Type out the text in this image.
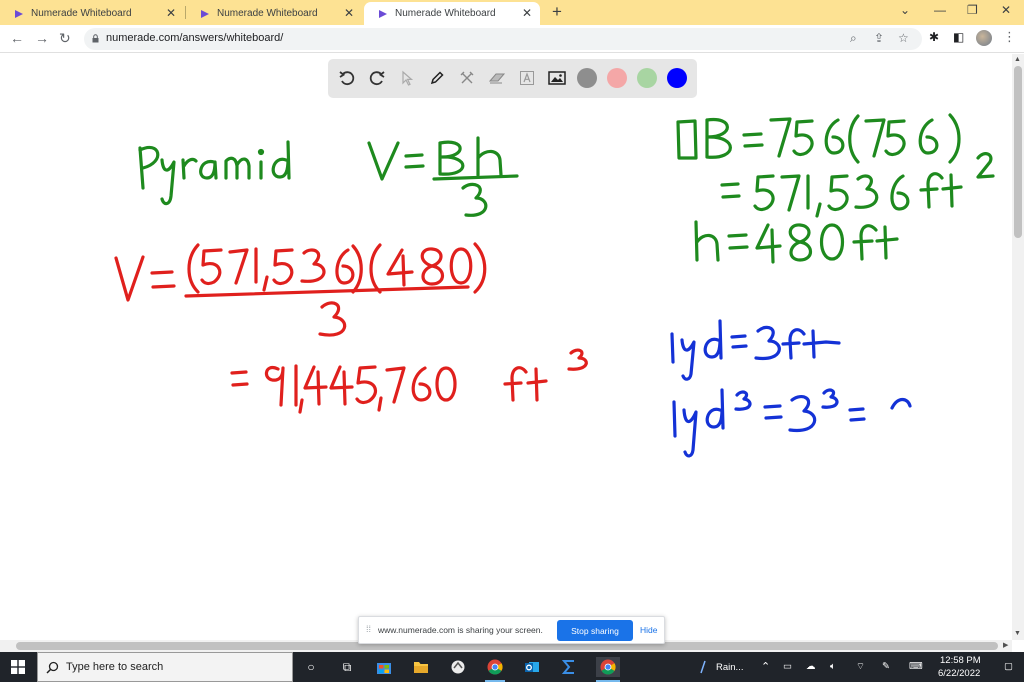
Numerade Whiteboard	✕	Numerade Whiteboard ✕	Numerade Whiteboard ✕ +	⌄ — ❐ ✕
← → ↻	numerade.com/answers/whiteboard/	⌕ ⇪ ☆ ✱ ◧	⋮
▲
▼
▶
⁞⁞ www.numerade.com is sharing your screen.	Stop sharing	Hide
Type here to search	○	⧉	Rain... ⌃ ▭ ☁ 🔈︎ ⌔ ✎ ⌨
12:58 PM
6/22/2022
▢
